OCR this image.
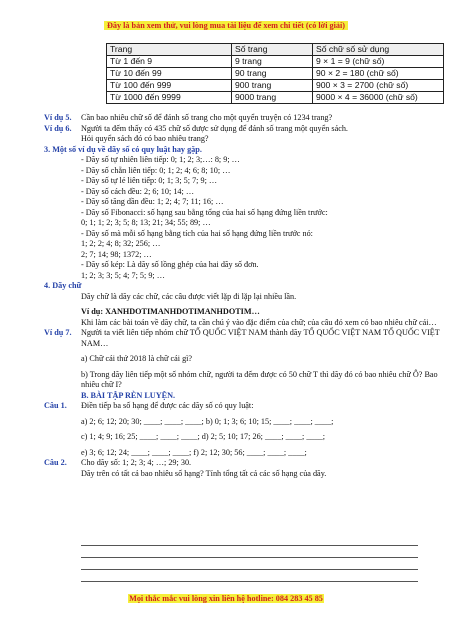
Đây là bản xem thử, vui lòng mua tài liệu để xem chi tiết (có lời giải)
Trang	Số trang	Số chữ số sử dụng
Từ 1 đến 9	9 trang	9 × 1 = 9 (chữ số)
Từ 10 đến 99	90 trang	90 × 2 = 180 (chữ số)
Từ 100 đến 999	900 trang	900 × 3 = 2700 (chữ số)
Từ 1000 đến 9999	9000 trang	9000 × 4 = 36000 (chữ số)
Ví dụ 5. Cần bao nhiêu chữ số để đánh số trang cho một quyển truyện có 1234 trang?
Ví dụ 6. Người ta đếm thấy có 435 chữ số được sử dụng để đánh số trang một quyển sách.
Hỏi quyển sách đó có bao nhiêu trang?
3. Một số ví dụ về dãy số có quy luật hay gặp.
- Dãy số tự nhiên liên tiếp: 0; 1; 2; 3;…: 8; 9; …
- Dãy số chẵn liên tiếp: 0; 1; 2; 4; 6; 8; 10; …
- Dãy số tự lẻ liên tiếp: 0; 1; 3; 5; 7; 9; …
- Dãy số cách đều: 2; 6; 10; 14; …
- Dãy số tăng dần đều: 1; 2; 4; 7; 11; 16; …
- Dãy số Fibonacci: số hạng sau bằng tổng của hai số hạng đứng liền trước:
0; 1; 1; 2; 3; 5; 8; 13; 21; 34; 55; 89; …
- Dãy số mà mỗi số hạng bằng tích của hai số hạng đứng liền trước nó:
1; 2; 2; 4; 8; 32; 256; …
2; 7; 14; 98; 1372; …
- Dãy số kép: Là dãy số lồng ghép của hai dãy số đơn.
1; 2; 3; 3; 5; 4; 7; 5; 9; …
4. Dãy chữ
Dãy chữ là dãy các chữ, các câu được viết lặp đi lặp lại nhiều lần.
Ví dụ: XANHDOTIMANHDOTIMANHDOTIM…
Khi làm các bài toán về dãy chữ, ta cần chú ý vào đặc điểm của chữ; của câu đó xem có bao nhiêu chữ cái…
Ví dụ 7. Người ta viết liên tiếp nhóm chữ TỔ QUỐC VIỆT NAM thành dãy TỔ QUỐC VIỆT NAM TỔ QUỐC VIỆT NAM…
a) Chữ cái thứ 2018 là chữ cái gì?
b) Trong dãy liên tiếp một số nhóm chữ, người ta đếm được có 50 chữ T thì dãy đó có bao nhiêu chữ Ô? Bao nhiêu chữ I?
B. BÀI TẬP RÈN LUYỆN.
Câu 1. Điền tiếp ba số hạng để được các dãy số có quy luật:
a) 2; 6; 12; 20; 30; ____; ____; ____; b) 0; 1; 3; 6; 10; 15; ____; ____; ____;
c) 1; 4; 9; 16; 25; ____; ____; ____; d) 2; 5; 10; 17; 26; ____; ____; ____;
e) 3; 6; 12; 24; ____; ____; ____; f) 2; 12; 30; 56; ____; ____; ____;
Câu 2. Cho dãy số: 1; 2; 3; 4; …; 29; 30.
Dãy trên có tất cả bao nhiêu số hạng? Tính tổng tất cả các số hạng của dãy.
Mọi thắc mắc vui lòng xin liên hệ hotline: 084 283 45 85
